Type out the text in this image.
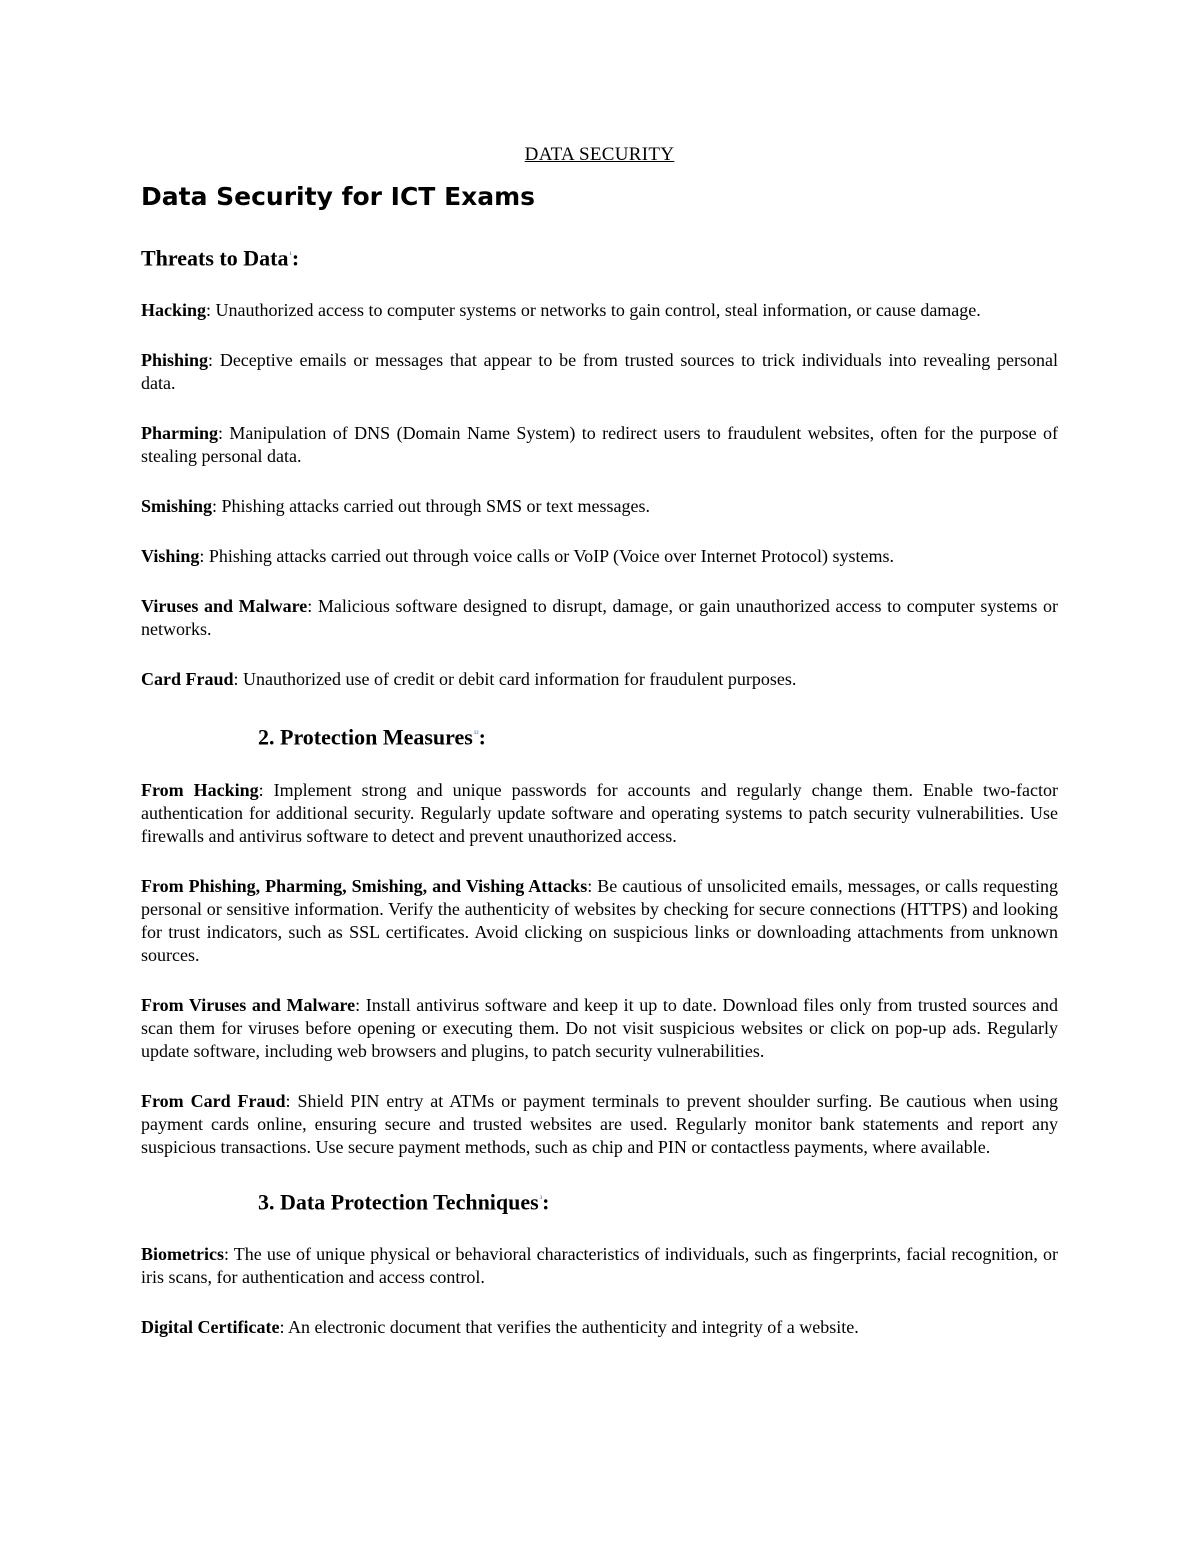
DATA SECURITY
Data Security for ICT Exams
Threats to Data$^{^1}$:

Hacking: Unauthorized access to computer systems or networks to gain control, steal information, or cause damage.

Phishing: Deceptive emails or messages that appear to be from trusted sources to trick individuals into revealing personal data.

Pharming: Manipulation of DNS (Domain Name System) to redirect users to fraudulent websites, often for the purpose of stealing personal data.

Smishing: Phishing attacks carried out through SMS or text messages.

Vishing: Phishing attacks carried out through voice calls or VoIP (Voice over Internet Protocol) systems.

Viruses and Malware: Malicious software designed to disrupt, damage, or gain unauthorized access to computer systems or networks.

Card Fraud: Unauthorized use of credit or debit card information for fraudulent purposes.

2. Protection Measures$^{^{12}}$:

From Hacking: Implement strong and unique passwords for accounts and regularly change them. Enable two-factor authentication for additional security. Regularly update software and operating systems to patch security vulnerabilities. Use firewalls and antivirus software to detect and prevent unauthorized access.

From Phishing, Pharming, Smishing, and Vishing Attacks: Be cautious of unsolicited emails, messages, or calls requesting personal or sensitive information. Verify the authenticity of websites by checking for secure connections (HTTPS) and looking for trust indicators, such as SSL certificates. Avoid clicking on suspicious links or downloading attachments from unknown sources.

From Viruses and Malware: Install antivirus software and keep it up to date. Download files only from trusted sources and scan them for viruses before opening or executing them. Do not visit suspicious websites or click on pop-up ads. Regularly update software, including web browsers and plugins, to patch security vulnerabilities.

From Card Fraud: Shield PIN entry at ATMs or payment terminals to prevent shoulder surfing. Be cautious when using payment cards online, ensuring secure and trusted websites are used. Regularly monitor bank statements and report any suspicious transactions. Use secure payment methods, such as chip and PIN or contactless payments, where available.

3. Data Protection Techniques$^{^3}$:

Biometrics: The use of unique physical or behavioral characteristics of individuals, such as fingerprints, facial recognition, or iris scans, for authentication and access control.

Digital Certificate: An electronic document that verifies the authenticity and integrity of a website.
